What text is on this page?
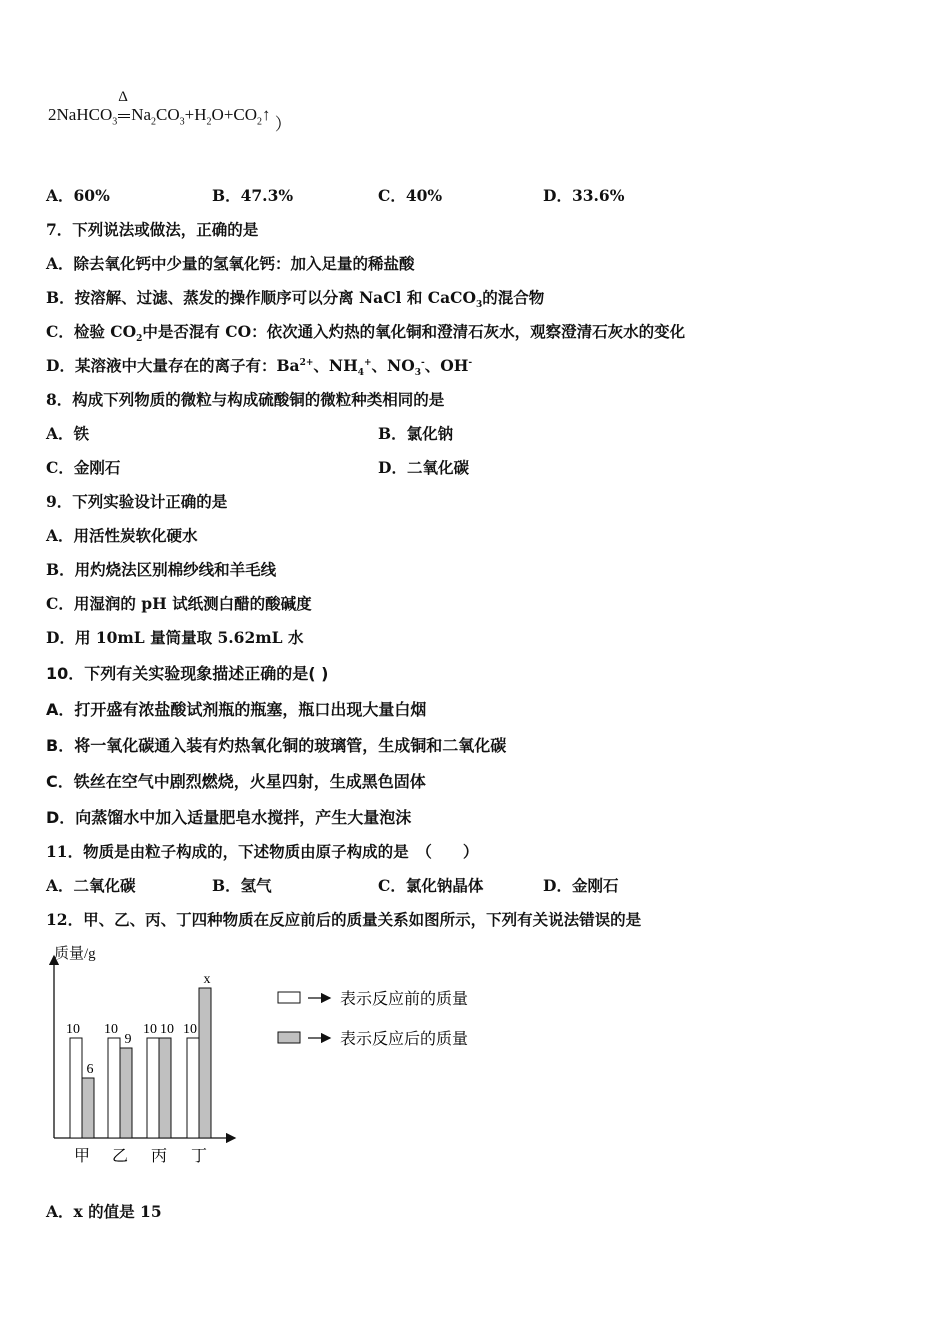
2NaHCO$_3$
Δ
$Na_2CO_3+H_2O+CO_2↑$ ）
A．60%	B．47.3%	C．40%	D．33.6%
7．下列说法或做法，正确的是
A．除去氧化钙中少量的氢氧化钙：加入足量的稀盐酸
B．按溶解、过滤、蒸发的操作顺序可以分离 NaCl 和 CaCO$_3$的混合物
C．检验 $CO_2$中是否混有 CO：依次通入灼热的氧化铜和澄清石灰水，观察澄清石灰水的变化
D．某溶液中大量存在的离子有：$Ba^{2+}$、$NH_4^+$、$NO_3^-$、OH-
8．构成下列物质的微粒与构成硫酸铜的微粒种类相同的是
A．铁	B．氯化钠
C．金刚石	D．二氧化碳
9．下列实验设计正确的是
A．用活性炭软化硬水
B．用灼烧法区别棉纱线和羊毛线
C．用湿润的 pH 试纸测白醋的酸碱度
D．用 10mL 量筒量取 5.62mL 水
10．下列有关实验现象描述正确的是( )
A．打开盛有浓盐酸试剂瓶的瓶塞，瓶口出现大量白烟
B．将一氧化碳通入装有灼热氧化铜的玻璃管，生成铜和二氧化碳
C．铁丝在空气中剧烈燃烧，火星四射，生成黑色固体
D．向蒸馏水中加入适量肥皂水搅拌，产生大量泡沫
11．物质是由粒子构成的，下述物质由原子构成的是　（　　）
A．二氧化碳	B．氢气	C．氯化钠晶体	D．金刚石
12．甲、乙、丙、丁四种物质在反应前后的质量关系如图所示，下列有关说法错误的是
质量/g
10
6
甲
10
9
乙
10 10
丙
10
x
丁
表示反应前的质量
表示反应后的质量
A．x 的值是 15
